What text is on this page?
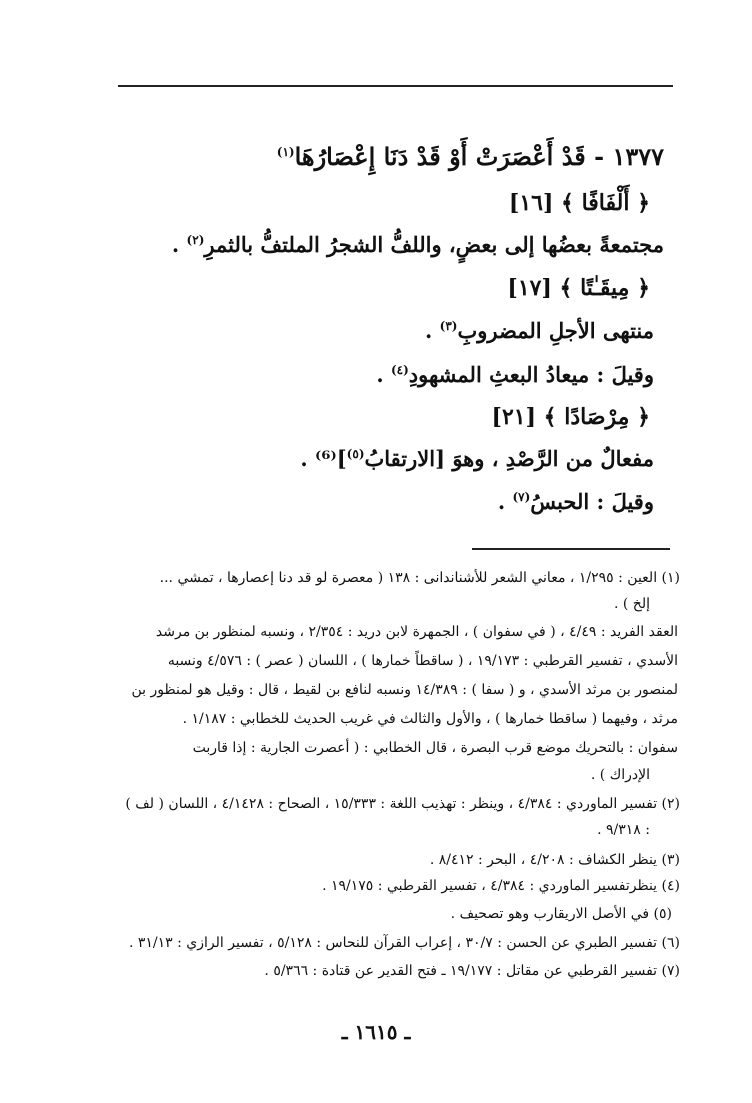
١٣٧٧ - قَدْ أَعْصَرَتْ أَوْ قَدْ دَنَا إِعْصَارُهَا$^{(١)}$
﴿ أَلْفَافًا ﴾ [١٦]
مجتمعةً بعضُها إلى بعضٍ، واللفُّ الشجرُ الملتفُّ بالثمرِ$^{(٢)}$ .
﴿ مِيقَـٰتًا ﴾ [١٧]
منتهى الأجلِ المضروبِ$^{(٣)}$ .
وقيلَ : ميعادُ البعثِ المشهودِ$^{(٤)}$ .
﴿ مِرْصَادًا ﴾ [٢١]
مفعالٌ من الرَّصْدِ ، وهوَ [الارتقابُ$^{(٥)}$]⁽⁶⁾ .
وقيلَ : الحبسُ$^{(٧)}$ .
(١) العين : ١/٢٩٥ ، معاني الشعر للأشناندانى : ١٣٨ ( معصرة لو قد دنا إعصارها ، تمشي ...
إلخ ) .
العقد الفريد : ٤/٤٩ ، ( في سفوان ) ، الجمهرة لابن دريد : ٢/٣٥٤ ، ونسبه لمنظور بن مرشد
الأسدي ، تفسير القرطبي : ١٩/١٧٣ ، ( ساقطاً خمارها ) ، اللسان ( عصر ) : ٤/٥٧٦ ونسبه
لمنصور بن مرثد الأسدي ، و ( سفا ) : ١٤/٣٨٩ ونسبه لنافع بن لقيط ، قال : وقيل هو لمنظور بن
مرثد ، وفيهما ( ساقطا خمارها ) ، والأول والثالث في غريب الحديث للخطابي : ١/١٨٧ .
سفوان : بالتحريك موضع قرب البصرة ، قال الخطابي : ( أعصرت الجارية : إذا قاربت
الإدراك ) .
(٢) تفسير الماوردي : ٤/٣٨٤ ، وينظر : تهذيب اللغة : ١٥/٣٣٣ ، الصحاح : ٤/١٤٢٨ ، اللسان ( لف )
: ٩/٣١٨ .
(٣) ينظر الكشاف : ٤/٢٠٨ ، البحر : ٨/٤١٢ .
(٤) ينظرتفسير الماوردي : ٤/٣٨٤ ، تفسير القرطبي : ١٩/١٧٥ .
(٥) في الأصل الاريقارب وهو تصحيف .
(٦) تفسير الطبري عن الحسن : ٣٠/٧ ، إعراب القرآن للنحاس : ٥/١٢٨ ، تفسير الرازي : ٣١/١٣ .
(٧) تفسير القرطبي عن مقاتل : ١٩/١٧٧ ـ فتح القدير عن قتادة : ٥/٣٦٦ .
ـ ١٦١٥ ـ
